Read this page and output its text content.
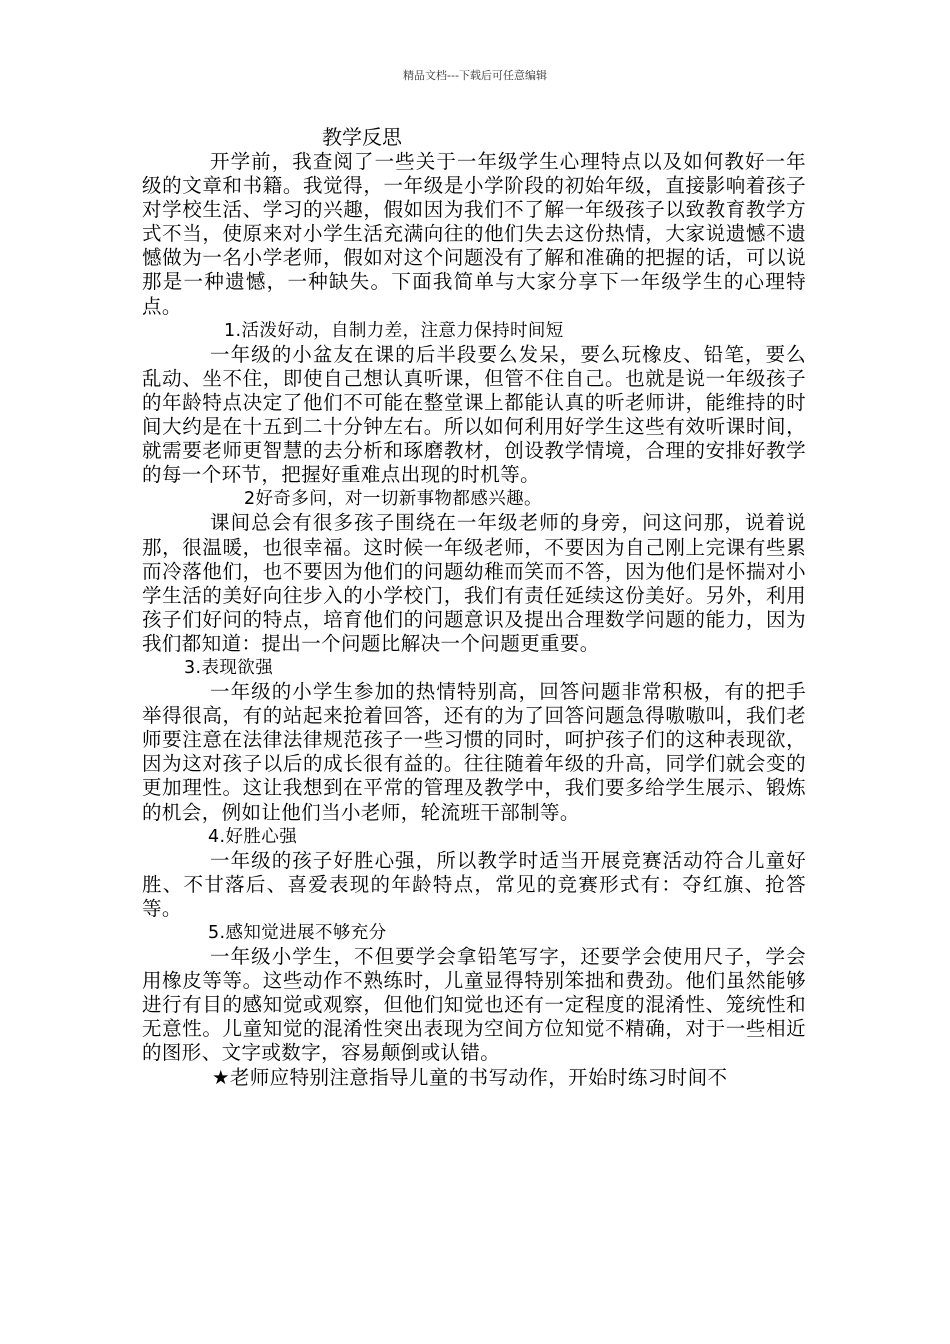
精品文档---下载后可任意编辑
教学反思

开学前，我查阅了一些关于一年级学生心理特点以及如何教好一年级的文章和书籍。我觉得，一年级是小学阶段的初始年级，直接影响着孩子对学校生活、学习的兴趣，假如因为我们不了解一年级孩子以致教育教学方式不当，使原来对小学生活充满向往的他们失去这份热情，大家说遗憾不遗憾做为一名小学老师，假如对这个问题没有了解和准确的把握的话，可以说那是一种遗憾，一种缺失。下面我简单与大家分享下一年级学生的心理特点。

1.活泼好动，自制力差，注意力保持时间短

一年级的小盆友在课的后半段要么发呆，要么玩橡皮、铅笔，要么乱动、坐不住，即使自己想认真听课，但管不住自己。也就是说一年级孩子的年龄特点决定了他们不可能在整堂课上都能认真的听老师讲，能维持的时间大约是在十五到二十分钟左右。所以如何利用好学生这些有效听课时间，就需要老师更智慧的去分析和琢磨教材，创设教学情境，合理的安排好教学的每一个环节，把握好重难点出现的时机等。

2好奇多问，对一切新事物都感兴趣。

课间总会有很多孩子围绕在一年级老师的身旁，问这问那，说着说那，很温暖，也很幸福。这时候一年级老师，不要因为自己刚上完课有些累而冷落他们，也不要因为他们的问题幼稚而笑而不答，因为他们是怀揣对小学生活的美好向往步入的小学校门，我们有责任延续这份美好。另外，利用孩子们好问的特点，培育他们的问题意识及提出合理数学问题的能力，因为我们都知道：提出一个问题比解决一个问题更重要。

3.表现欲强

一年级的小学生参加的热情特别高，回答问题非常积极，有的把手举得很高，有的站起来抢着回答，还有的为了回答问题急得嗷嗷叫，我们老师要注意在法律法律规范孩子一些习惯的同时，呵护孩子们的这种表现欲，因为这对孩子以后的成长很有益的。往往随着年级的升高，同学们就会变的更加理性。这让我想到在平常的管理及教学中，我们要多给学生展示、锻炼的机会，例如让他们当小老师，轮流班干部制等。

4.好胜心强

一年级的孩子好胜心强，所以教学时适当开展竞赛活动符合儿童好胜、不甘落后、喜爱表现的年龄特点，常见的竞赛形式有：夺红旗、抢答等。

5.感知觉进展不够充分

一年级小学生，不但要学会拿铅笔写字，还要学会使用尺子，学会用橡皮等等。这些动作不熟练时，儿童显得特别笨拙和费劲。他们虽然能够进行有目的感知觉或观察，但他们知觉也还有一定程度的混淆性、笼统性和无意性。儿童知觉的混淆性突出表现为空间方位知觉不精确，对于一些相近的图形、文字或数字，容易颠倒或认错。

★老师应特别注意指导儿童的书写动作，开始时练习时间不
